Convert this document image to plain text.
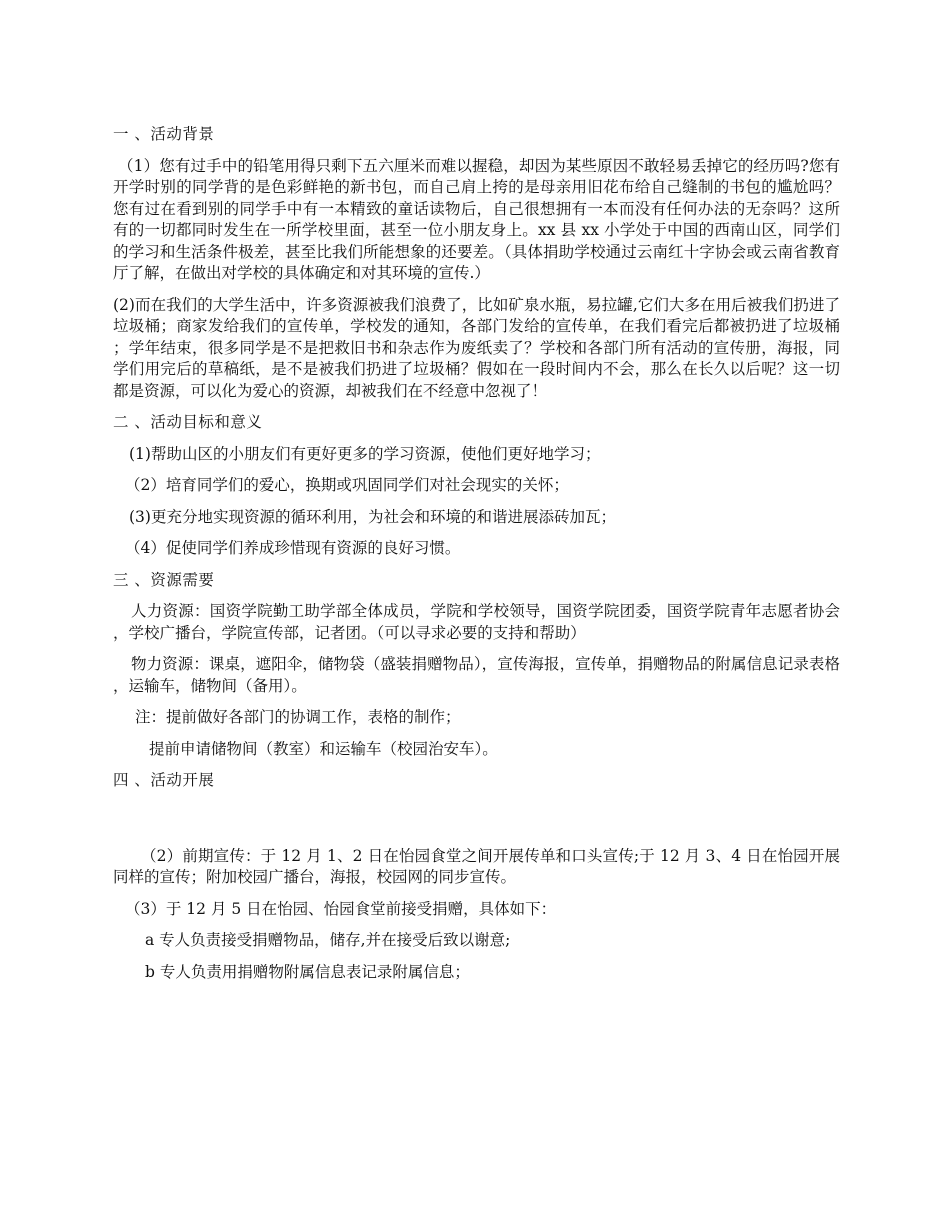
一 、活动背景

（1）您有过手中的铅笔用得只剩下五六厘米而难以握稳，却因为某些原因不敢轻易丢掉它的经历吗?您有开学时别的同学背的是色彩鲜艳的新书包，而自己肩上挎的是母亲用旧花布给自己缝制的书包的尴尬吗？您有过在看到别的同学手中有一本精致的童话读物后，自己很想拥有一本而没有任何办法的无奈吗？这所有的一切都同时发生在一所学校里面，甚至一位小朋友身上。xx 县 xx 小学处于中国的西南山区，同学们的学习和生活条件极差，甚至比我们所能想象的还要差。（具体捐助学校通过云南红十字协会或云南省教育厅了解，在做出对学校的具体确定和对其环境的宣传.）

(2)而在我们的大学生活中，许多资源被我们浪费了，比如矿泉水瓶，易拉罐,它们大多在用后被我们扔进了垃圾桶；商家发给我们的宣传单，学校发的通知，各部门发给的宣传单，在我们看完后都被扔进了垃圾桶；学年结束，很多同学是不是把救旧书和杂志作为废纸卖了？学校和各部门所有活动的宣传册，海报，同学们用完后的草稿纸，是不是被我们扔进了垃圾桶？假如在一段时间内不会，那么在长久以后呢？这一切都是资源，可以化为爱心的资源，却被我们在不经意中忽视了！

二 、活动目标和意义

(1)帮助山区的小朋友们有更好更多的学习资源，使他们更好地学习；

（2）培育同学们的爱心，换期或巩固同学们对社会现实的关怀；

(3)更充分地实现资源的循环利用，为社会和环境的和谐进展添砖加瓦；

（4）促使同学们养成珍惜现有资源的良好习惯。

三 、资源需要

人力资源：国资学院勤工助学部全体成员，学院和学校领导，国资学院团委，国资学院青年志愿者协会，学校广播台，学院宣传部，记者团。（可以寻求必要的支持和帮助）

物力资源：课桌，遮阳伞，储物袋（盛装捐赠物品），宣传海报，宣传单，捐赠物品的附属信息记录表格，运输车，储物间（备用）。

注：提前做好各部门的协调工作，表格的制作；

提前申请储物间（教室）和运输车（校园治安车）。

四 、活动开展

（2）前期宣传：于 12 月 1、2 日在怡园食堂之间开展传单和口头宣传;于 12 月 3、4 日在怡园开展同样的宣传；附加校园广播台，海报，校园网的同步宣传。

（3）于 12 月 5 日在怡园、怡园食堂前接受捐赠，具体如下：

a 专人负责接受捐赠物品，储存,并在接受后致以谢意;

b 专人负责用捐赠物附属信息表记录附属信息；
